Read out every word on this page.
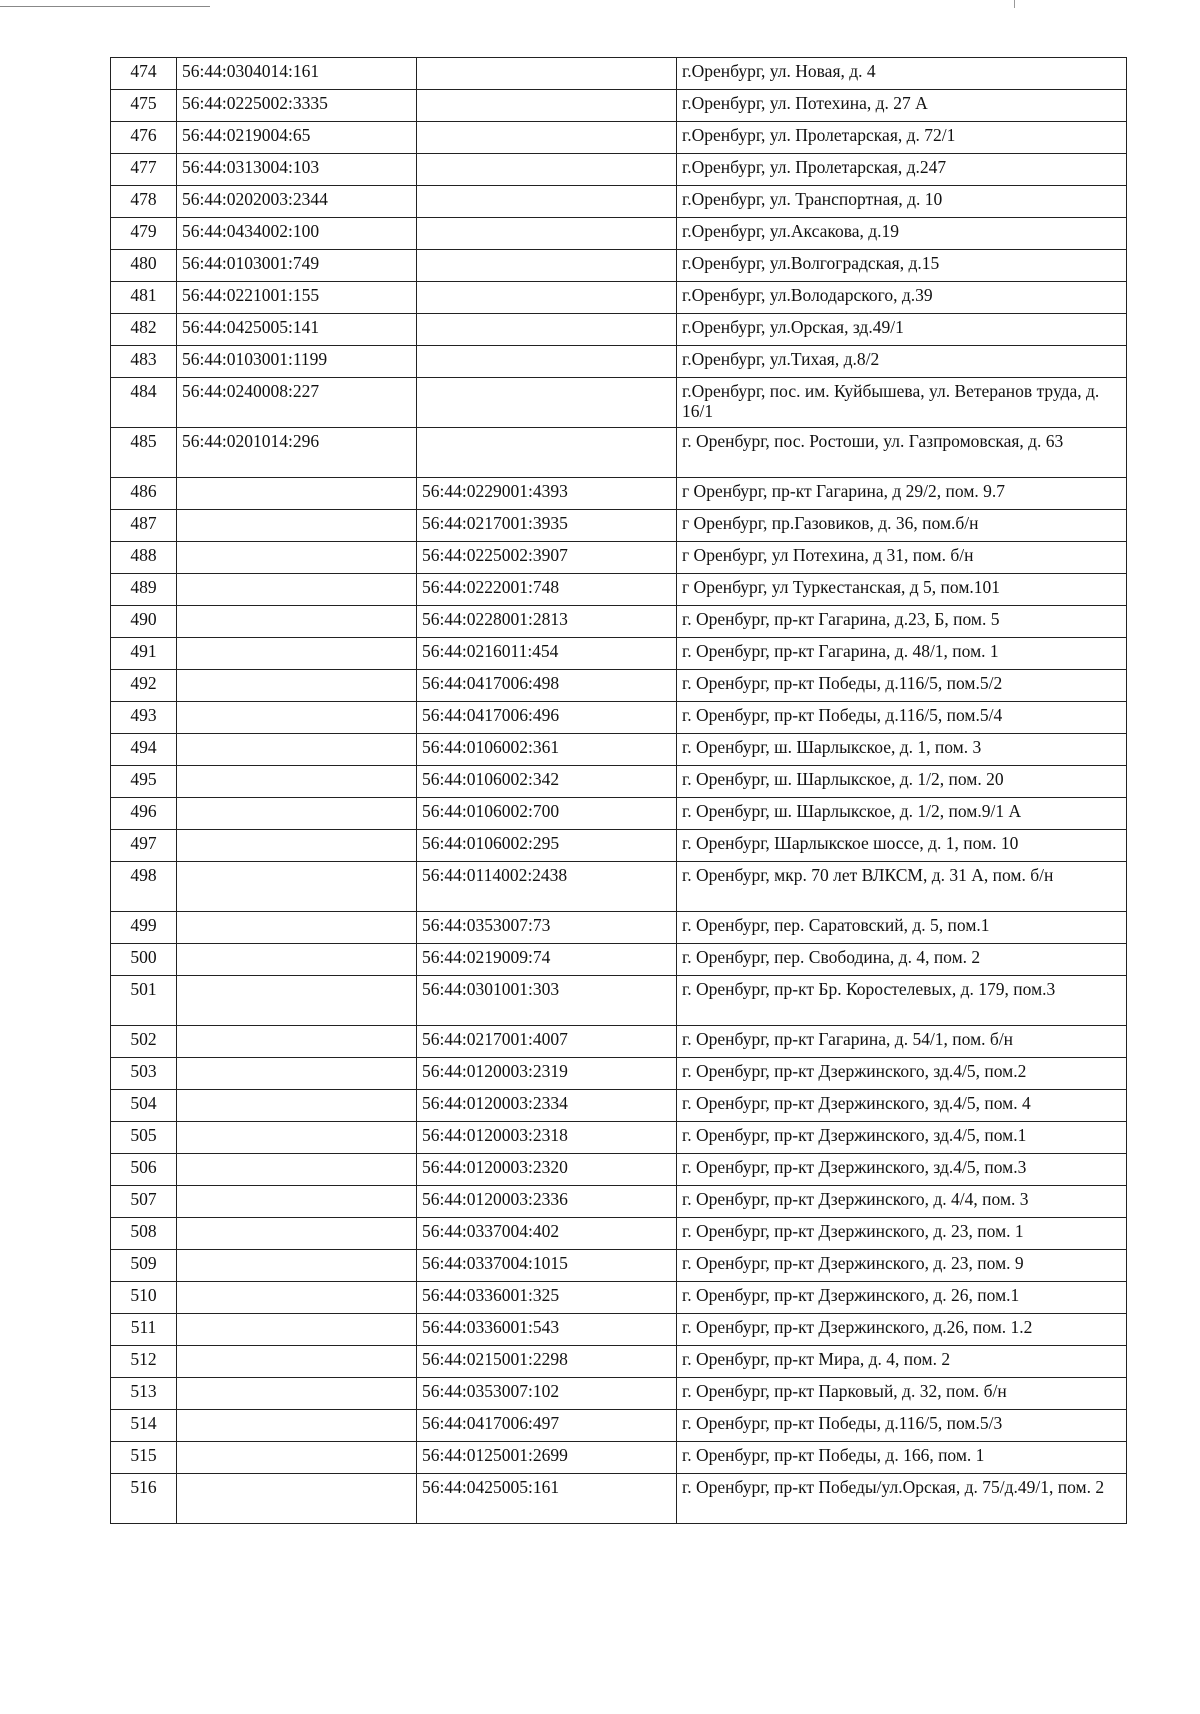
474	56:44:0304014:161		г.Оренбург, ул. Новая, д. 4
475	56:44:0225002:3335		г.Оренбург, ул. Потехина, д. 27 А
476	56:44:0219004:65		г.Оренбург, ул. Пролетарская, д. 72/1
477	56:44:0313004:103		г.Оренбург, ул. Пролетарская, д.247
478	56:44:0202003:2344		г.Оренбург, ул. Транспортная, д. 10
479	56:44:0434002:100		г.Оренбург, ул.Аксакова, д.19
480	56:44:0103001:749		г.Оренбург, ул.Волгоградская, д.15
481	56:44:0221001:155		г.Оренбург, ул.Володарского, д.39
482	56:44:0425005:141		г.Оренбург, ул.Орская, зд.49/1
483	56:44:0103001:1199		г.Оренбург, ул.Тихая, д.8/2
484	56:44:0240008:227		г.Оренбург, пос. им. Куйбышева, ул. Ветеранов труда, д. 16/1
485	56:44:0201014:296		г. Оренбург, пос. Ростоши, ул. Газпромовская, д. 63
486		56:44:0229001:4393	г Оренбург, пр-кт Гагарина, д 29/2, пом. 9.7
487		56:44:0217001:3935	г Оренбург, пр.Газовиков, д. 36, пом.б/н
488		56:44:0225002:3907	г Оренбург, ул Потехина, д 31, пом. б/н
489		56:44:0222001:748	г Оренбург, ул Туркестанская, д 5, пом.101
490		56:44:0228001:2813	г. Оренбург, пр-кт Гагарина, д.23, Б, пом. 5
491		56:44:0216011:454	г. Оренбург, пр-кт Гагарина, д. 48/1, пом. 1
492		56:44:0417006:498	г. Оренбург, пр-кт Победы, д.116/5, пом.5/2
493		56:44:0417006:496	г. Оренбург, пр-кт Победы, д.116/5, пом.5/4
494		56:44:0106002:361	г. Оренбург, ш. Шарлыкское, д. 1, пом. 3
495		56:44:0106002:342	г. Оренбург, ш. Шарлыкское, д. 1/2, пом. 20
496		56:44:0106002:700	г. Оренбург, ш. Шарлыкское, д. 1/2, пом.9/1 А
497		56:44:0106002:295	г. Оренбург, Шарлыкское шоссе, д. 1, пом. 10
498		56:44:0114002:2438	г. Оренбург, мкр. 70 лет ВЛКСМ, д. 31 А, пом. б/н
499		56:44:0353007:73	г. Оренбург, пер. Саратовский, д. 5, пом.1
500		56:44:0219009:74	г. Оренбург, пер. Свободина, д. 4, пом. 2
501		56:44:0301001:303	г. Оренбург, пр-кт Бр. Коростелевых, д. 179, пом.3
502		56:44:0217001:4007	г. Оренбург, пр-кт Гагарина, д. 54/1, пом. б/н
503		56:44:0120003:2319	г. Оренбург, пр-кт Дзержинского, зд.4/5, пом.2
504		56:44:0120003:2334	г. Оренбург, пр-кт Дзержинского, зд.4/5, пом. 4
505		56:44:0120003:2318	г. Оренбург, пр-кт Дзержинского, зд.4/5, пом.1
506		56:44:0120003:2320	г. Оренбург, пр-кт Дзержинского, зд.4/5, пом.3
507		56:44:0120003:2336	г. Оренбург, пр-кт Дзержинского, д. 4/4, пом. 3
508		56:44:0337004:402	г. Оренбург, пр-кт Дзержинского, д. 23, пом. 1
509		56:44:0337004:1015	г. Оренбург, пр-кт Дзержинского, д. 23, пом. 9
510		56:44:0336001:325	г. Оренбург, пр-кт Дзержинского, д. 26, пом.1
511		56:44:0336001:543	г. Оренбург, пр-кт Дзержинского, д.26, пом. 1.2
512		56:44:0215001:2298	г. Оренбург, пр-кт Мира, д. 4, пом. 2
513		56:44:0353007:102	г. Оренбург, пр-кт Парковый, д. 32, пом. б/н
514		56:44:0417006:497	г. Оренбург, пр-кт Победы, д.116/5, пом.5/3
515		56:44:0125001:2699	г. Оренбург, пр-кт Победы, д. 166, пом. 1
516		56:44:0425005:161	г. Оренбург, пр-кт Победы/ул.Орская, д. 75/д.49/1, пом. 2
